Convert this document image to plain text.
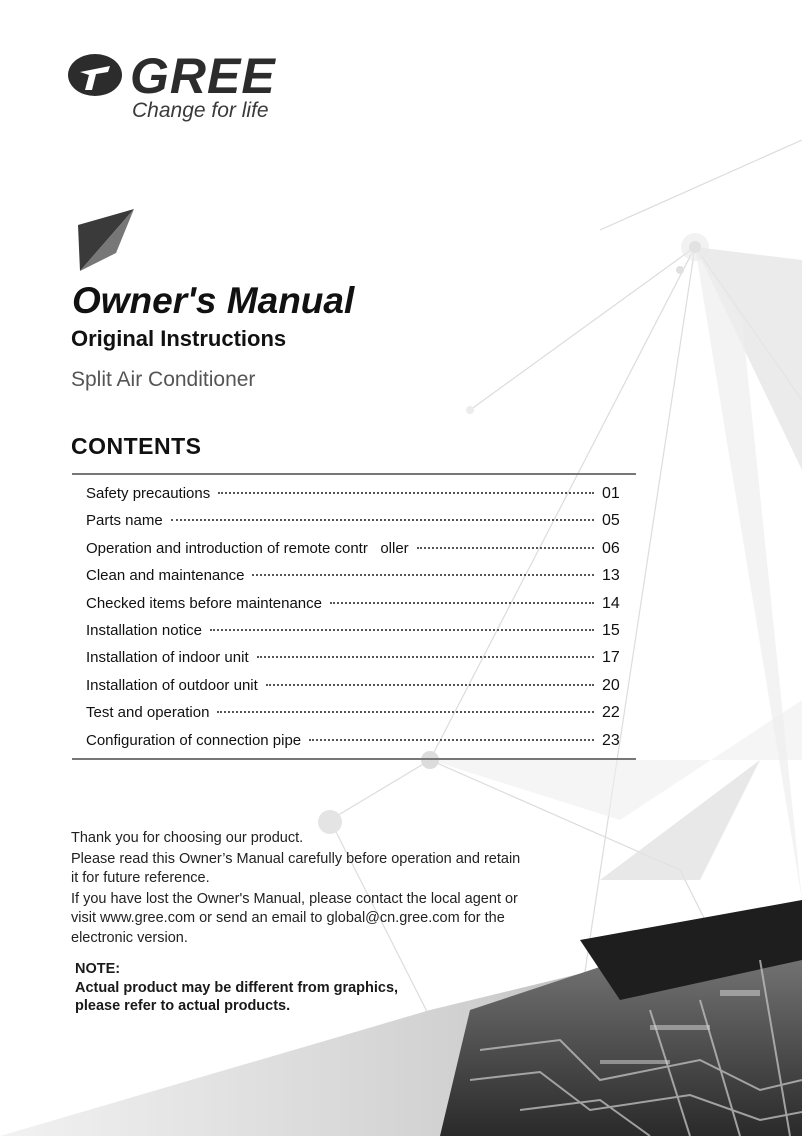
GREE
Change for life
Owner's Manual
Original Instructions
Split Air Conditioner
CONTENTS
Safety precautions	01
Parts name	05
Operation and introduction of remote contr   oller	06
Clean and maintenance	13
Checked items before maintenance	14
Installation notice	15
Installation of indoor unit	17
Installation of outdoor unit	20
Test and operation	22
Configuration of connection pipe	23

Thank you for choosing our product.

Please read this Owner’s Manual carefully before operation and retain it for future reference.

If you have lost the Owner's Manual, please contact the local agent or visit www.gree.com or send an email to global@cn.gree.com for the electronic version.

NOTE:
Actual product may be different from graphics,
please refer to actual products.
